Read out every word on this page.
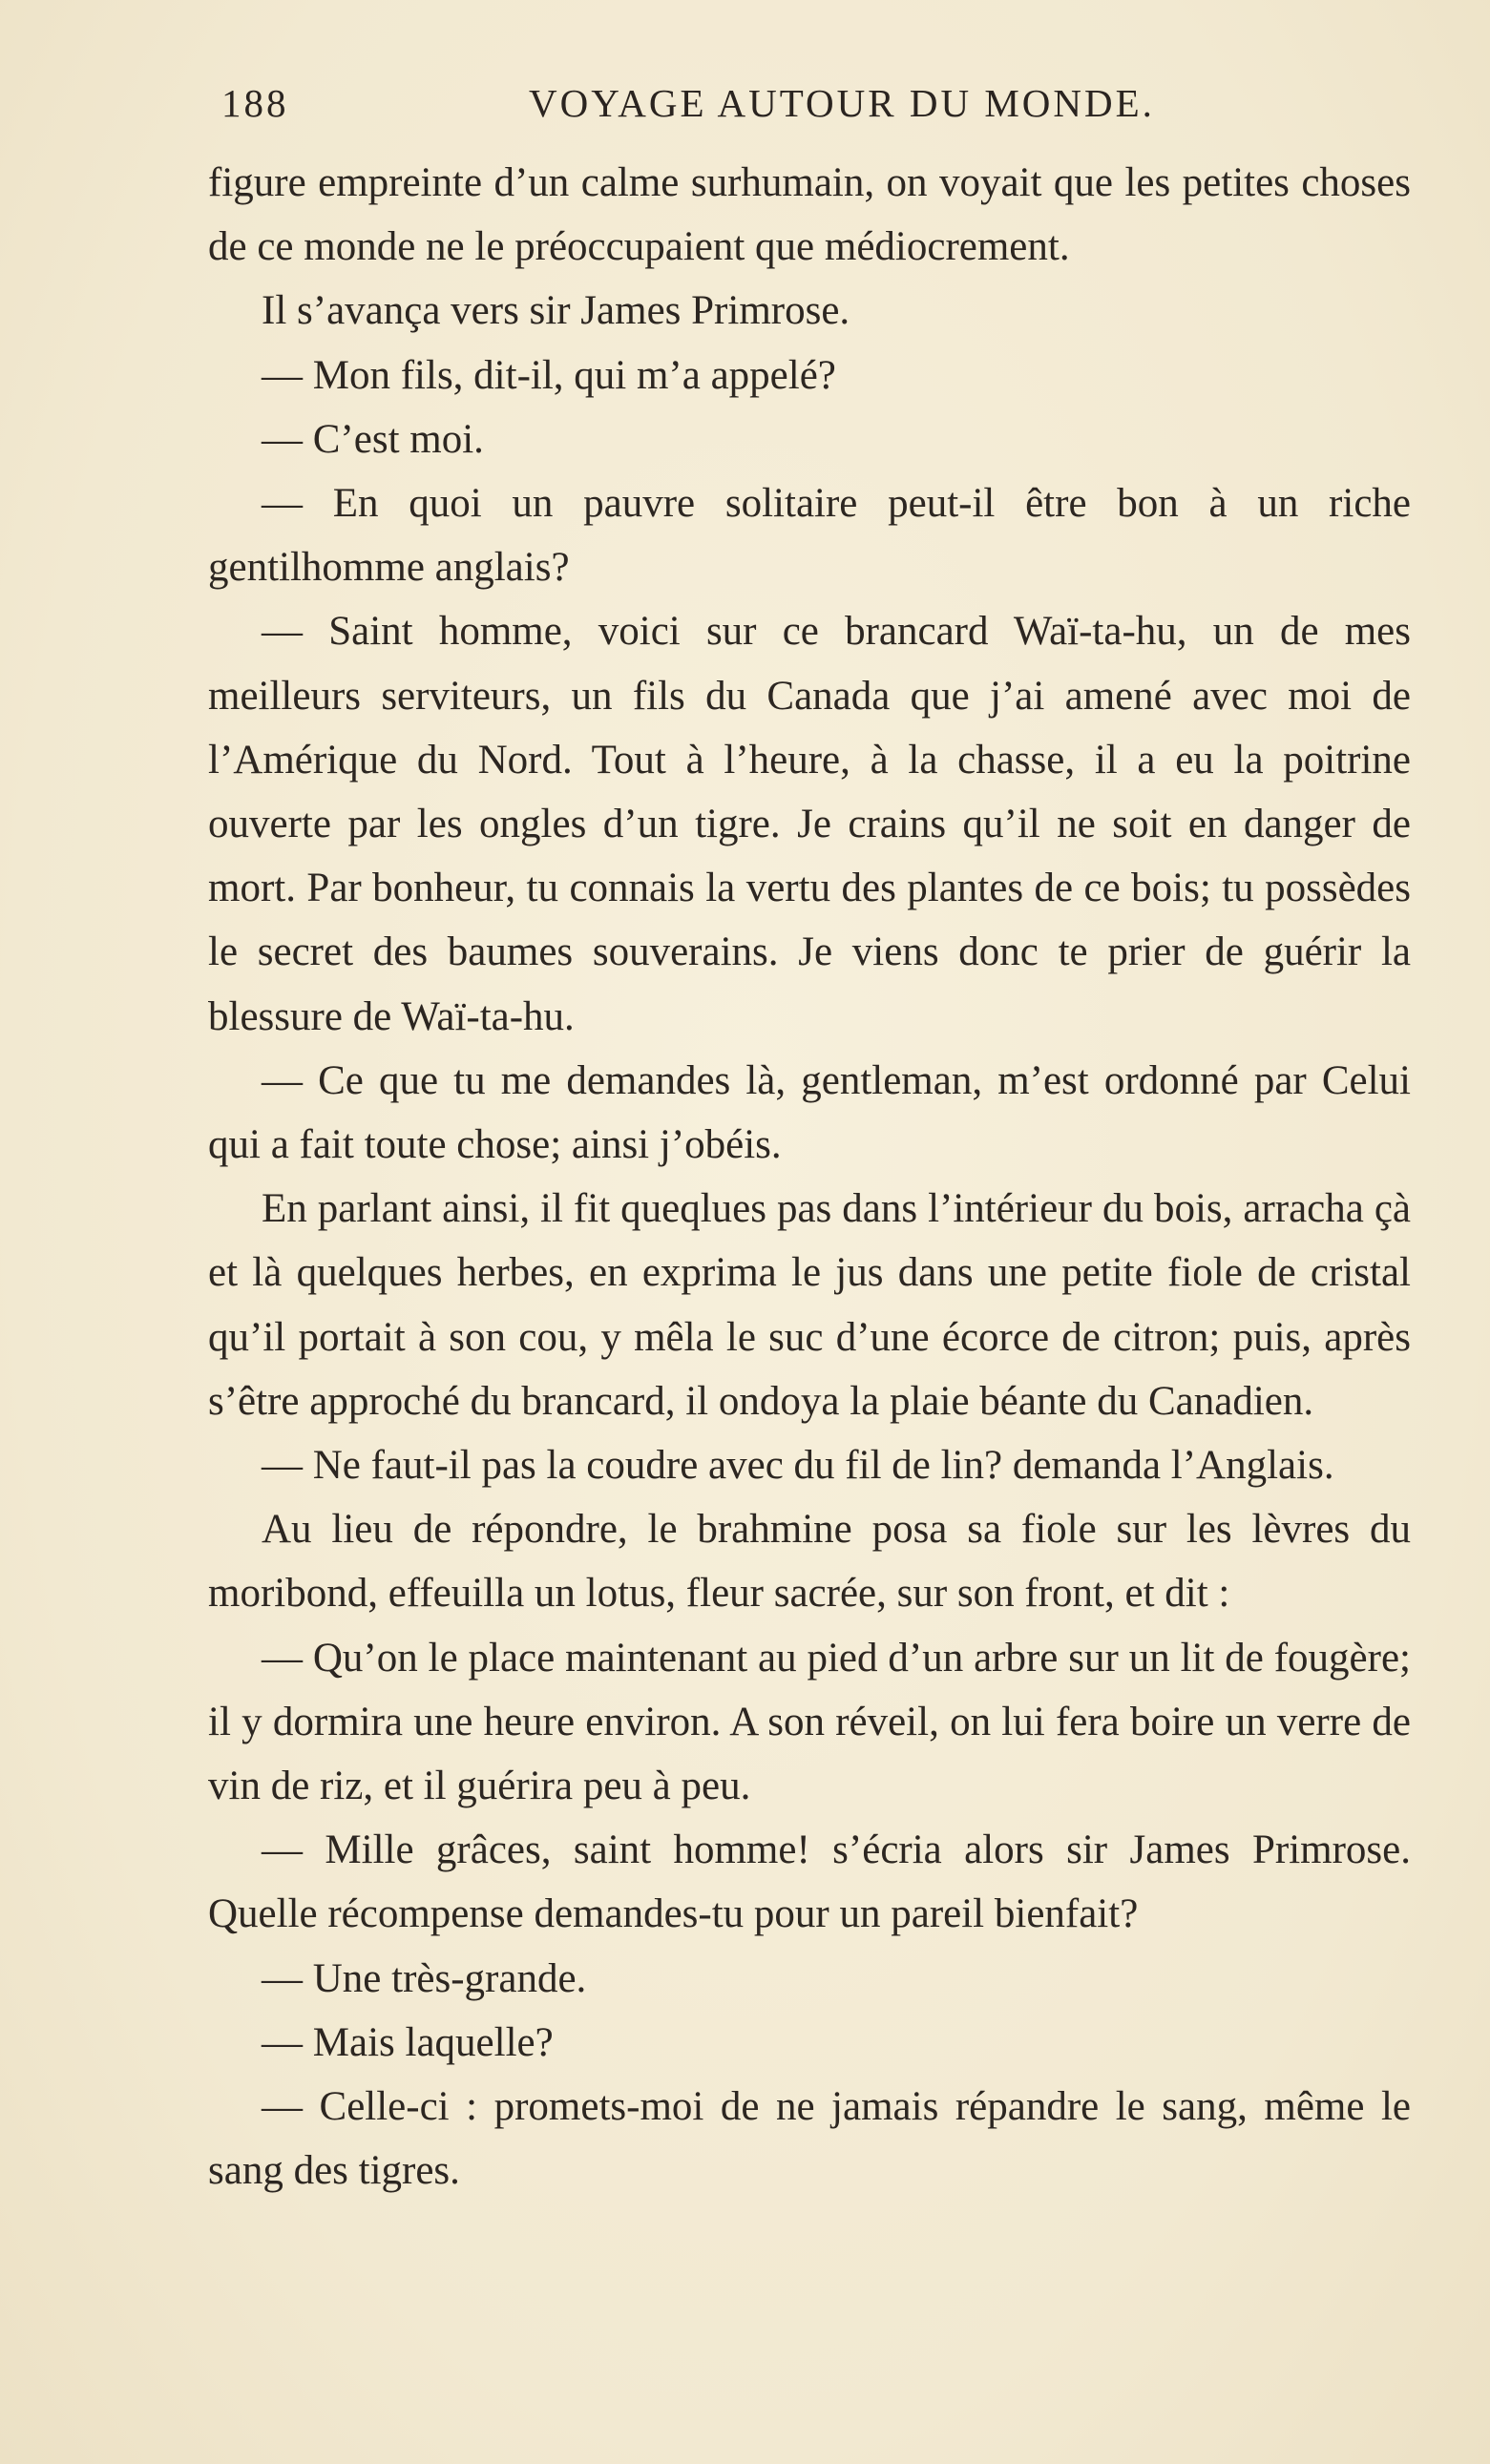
188	VOYAGE AUTOUR DU MONDE.

figure empreinte d’un calme surhumain, on voyait que les petites choses de ce monde ne le préoccupaient que médiocrement.

Il s’avança vers sir James Primrose.

— Mon fils, dit-il, qui m’a appelé?

— C’est moi.

— En quoi un pauvre solitaire peut-il être bon à un riche gentilhomme anglais?

— Saint homme, voici sur ce brancard Waï-ta-hu, un de mes meilleurs serviteurs, un fils du Canada que j’ai amené avec moi de l’Amérique du Nord. Tout à l’heure, à la chasse, il a eu la poitrine ouverte par les ongles d’un tigre. Je crains qu’il ne soit en danger de mort. Par bonheur, tu connais la vertu des plantes de ce bois; tu possèdes le secret des baumes souverains. Je viens donc te prier de guérir la blessure de Waï-ta-hu.

— Ce que tu me demandes là, gentleman, m’est ordonné par Celui qui a fait toute chose; ainsi j’obéis.

En parlant ainsi, il fit queqlues pas dans l’intérieur du bois, arracha çà et là quelques herbes, en exprima le jus dans une petite fiole de cristal qu’il portait à son cou, y mêla le suc d’une écorce de citron; puis, après s’être approché du brancard, il ondoya la plaie béante du Canadien.

— Ne faut-il pas la coudre avec du fil de lin? demanda l’Anglais.

Au lieu de répondre, le brahmine posa sa fiole sur les lèvres du moribond, effeuilla un lotus, fleur sacrée, sur son front, et dit :

— Qu’on le place maintenant au pied d’un arbre sur un lit de fougère; il y dormira une heure environ. A son réveil, on lui fera boire un verre de vin de riz, et il guérira peu à peu.

— Mille grâces, saint homme! s’écria alors sir James Primrose. Quelle récompense demandes-tu pour un pareil bienfait?

— Une très-grande.

— Mais laquelle?

— Celle-ci : promets-moi de ne jamais répandre le sang, même le sang des tigres.
